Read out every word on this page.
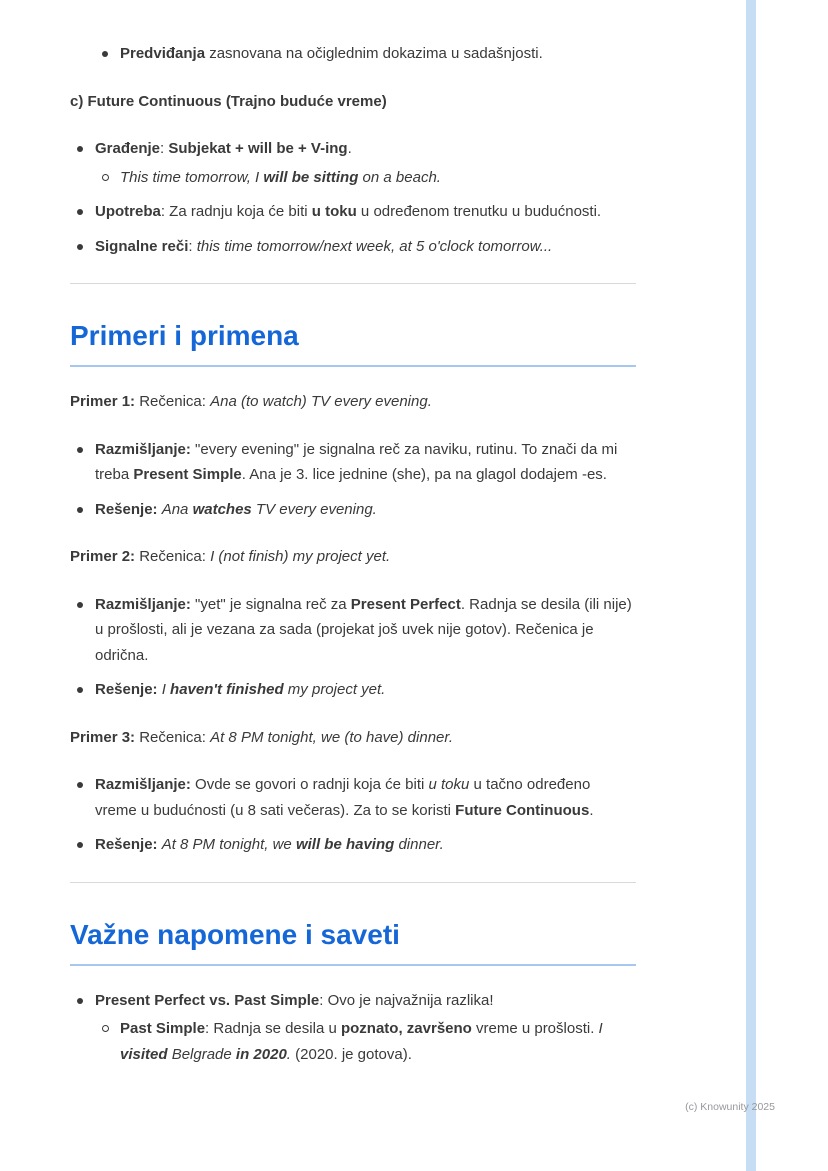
Predviđanja zasnovana na očiglednim dokazima u sadašnjosti.

c) Future Continuous (Trajno buduće vreme)

Građenje: Subjekat + will be + V-ing.
This time tomorrow, I will be sitting on a beach.
Upotreba: Za radnju koja će biti u toku u određenom trenutku u budućnosti.
Signalne reči: this time tomorrow/next week, at 5 o'clock tomorrow...
Primeri i primena

Primer 1: Rečenica: Ana (to watch) TV every evening.

Razmišljanje: "every evening" je signalna reč za naviku, rutinu. To znači da mi treba Present Simple. Ana je 3. lice jednine (she), pa na glagol dodajem -es.
Rešenje: Ana watches TV every evening.

Primer 2: Rečenica: I (not finish) my project yet.

Razmišljanje: "yet" je signalna reč za Present Perfect. Radnja se desila (ili nije) u prošlosti, ali je vezana za sada (projekat još uvek nije gotov). Rečenica je odrična.
Rešenje: I haven't finished my project yet.

Primer 3: Rečenica: At 8 PM tonight, we (to have) dinner.

Razmišljanje: Ovde se govori o radnji koja će biti u toku u tačno određeno vreme u budućnosti (u 8 sati večeras). Za to se koristi Future Continuous.
Rešenje: At 8 PM tonight, we will be having dinner.
Važne napomene i saveti
Present Perfect vs. Past Simple: Ovo je najvažnija razlika!
Past Simple: Radnja se desila u poznato, završeno vreme u prošlosti. I visited Belgrade in 2020. (2020. je gotova).
(c) Knowunity 2025
